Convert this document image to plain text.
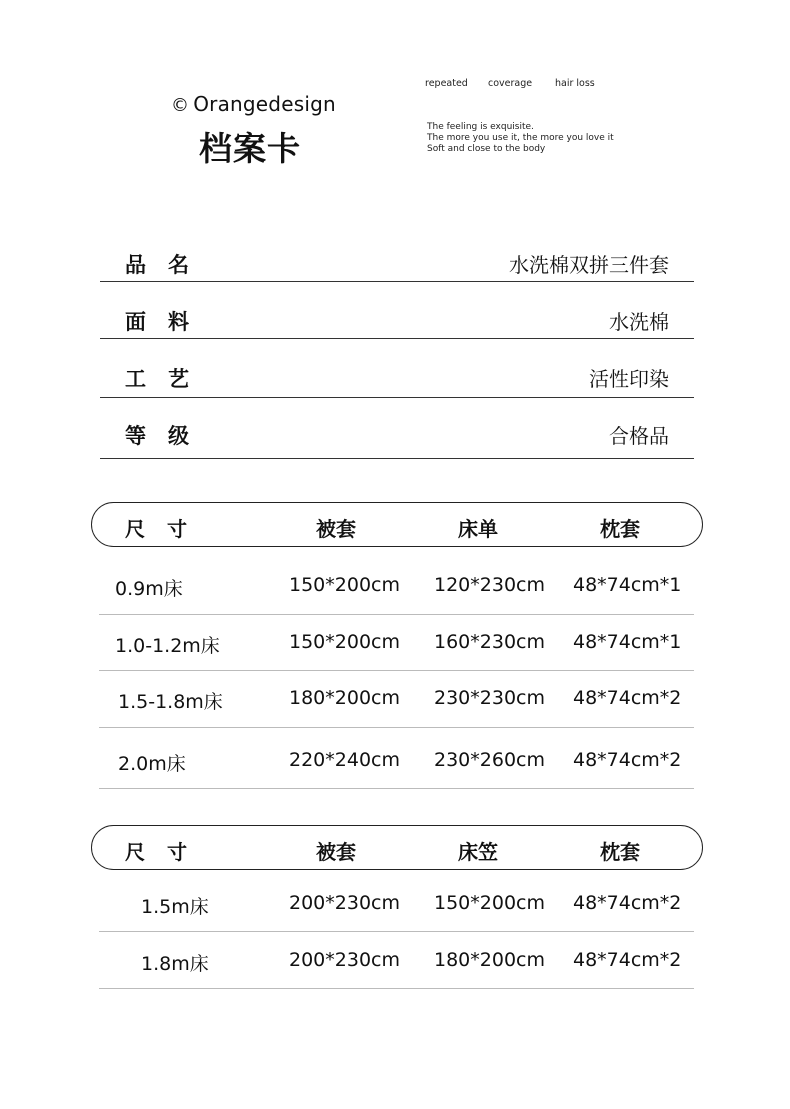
© Orangedesign
档案卡
repeated coverage hair loss
The feeling is exquisite.
The more you use it, the more you love it
Soft and close to the body
品名	水洗棉双拼三件套
面料	水洗棉
工艺	活性印染
等级	合格品
尺寸	被套	床单	枕套
0.9m床	150*200cm 120*230cm 48*74cm*1
1.0-1.2m床	150*200cm 160*230cm 48*74cm*1
1.5-1.8m床	180*200cm 230*230cm 48*74cm*2
2.0m床	220*240cm 230*260cm 48*74cm*2
尺寸	被套	床笠	枕套
1.5m床	200*230cm 150*200cm 48*74cm*2
1.8m床	200*230cm 180*200cm 48*74cm*2
